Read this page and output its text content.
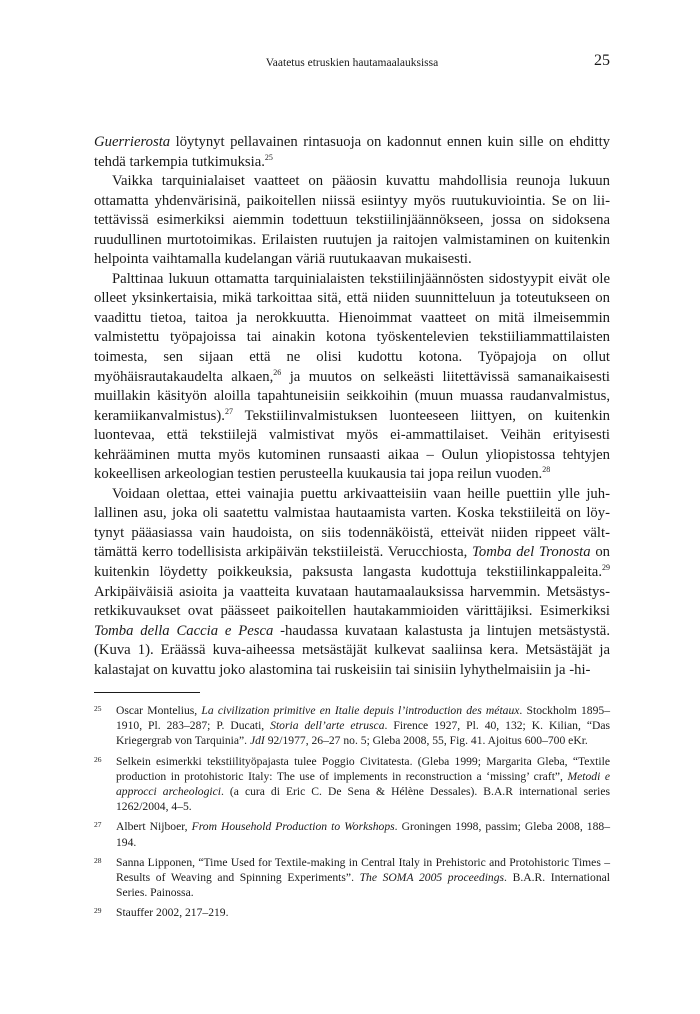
Vaatetus etruskien hautamaalauksissa	25

Guerrierosta löytynyt pellavainen rintasuoja on kadonnut ennen kuin sille on ehditty tehdä tarkempia tutkimuksia.$^{25}$

Vaikka tarquinialaiset vaatteet on pääosin kuvattu mahdollisia reunoja lukuun ottamatta yhdenvärisinä, paikoitellen niissä esiintyy myös ruutukuviointia. Se on liitettävissä esimerkiksi aiemmin todettuun tekstiilinjäännökseen, jossa on sidoksena ruudullinen murtotoimikas. Erilaisten ruutujen ja raitojen valmistaminen on kuitenkin helpointa vaihtamalla kudelangan väriä ruutukaavan mukaisesti.

Palttinaa lukuun ottamatta tarquinialaisten tekstiilinjäännösten sidostyypit eivät ole olleet yksinkertaisia, mikä tarkoittaa sitä, että niiden suunnitteluun ja toteutukseen on vaadittu tietoa, taitoa ja nerokkuutta. Hienoimmat vaatteet on mitä ilmeisemmin valmistettu työpajoissa tai ainakin kotona työskentelevien tekstiiliammattilaisten toimesta, sen sijaan että ne olisi kudottu kotona. Työpajoja on ollut myöhäisrautakaudelta alkaen,$^{26}$ ja muutos on selkeästi liitettävissä samanaikaisesti muillakin käsityön aloilla tapahtuneisiin seikkoihin (muun muassa raudanvalmistus, keramiikanvalmistus).$^{27}$ Tekstiilinvalmistuksen luonteeseen liittyen, on kuitenkin luontevaa, että tekstiilejä valmistivat myös ei-ammattilaiset. Veihän erityisesti kehrääminen mutta myös kutominen runsaasti aikaa – Oulun yliopistossa tehtyjen kokeellisen arkeologian testien perusteella kuukausia tai jopa reilun vuoden.$^{28}$

Voidaan olettaa, ettei vainajia puettu arkivaatteisiin vaan heille puettiin ylle juhlallinen asu, joka oli saatettu valmistaa hautaamista varten. Koska tekstiileitä on löytynyt pääasiassa vain haudoista, on siis todennäköistä, etteivät niiden rippeet välttämättä kerro todellisista arkipäivän tekstiileistä. Verucchiosta, Tomba del Tronosta on kuitenkin löydetty poikkeuksia, paksusta langasta kudottuja tekstiilinkappaleita.$^{29}$ Arkipäiväisiä asioita ja vaatteita kuvataan hautamaalauksissa harvemmin. Metsästysretkikuvaukset ovat päässeet paikoitellen hautakammioiden värittäjiksi. Esimerkiksi Tomba della Caccia e Pesca -haudassa kuvataan kalastusta ja lintujen metsästystä. (Kuva 1). Eräässä kuva-aiheessa metsästäjät kulkevat saaliinsa kera. Metsästäjät ja kalastajat on kuvattu joko alastomina tai ruskeisiin tai sinisiin lyhythelmaisiin ja -hi-

25 Oscar Montelius, La civilization primitive en Italie depuis l’introduction des métaux. Stockholm 1895–1910, Pl. 283–287; P. Ducati, Storia dell’arte etrusca. Firence 1927, Pl. 40, 132; K. Kilian, “Das Kriegergrab von Tarquinia”. JdI 92/1977, 26–27 no. 5; Gleba 2008, 55, Fig. 41. Ajoitus 600–700 eKr.
26 Selkein esimerkki tekstiilityöpajasta tulee Poggio Civitatesta. (Gleba 1999; Margarita Gleba, “Textile production in protohistoric Italy: The use of implements in reconstruction a ‘missing’ craft”, Metodi e approcci archeologici. (a cura di Eric C. De Sena & Hélène Dessales). B.A.R international series 1262/2004, 4–5.
27 Albert Nijboer, From Household Production to Workshops. Groningen 1998, passim; Gleba 2008, 188–194.
28 Sanna Lipponen, “Time Used for Textile-making in Central Italy in Prehistoric and Protohistoric Times – Results of Weaving and Spinning Experiments”. The SOMA 2005 proceedings. B.A.R. International Series. Painossa.
29 Stauffer 2002, 217–219.
